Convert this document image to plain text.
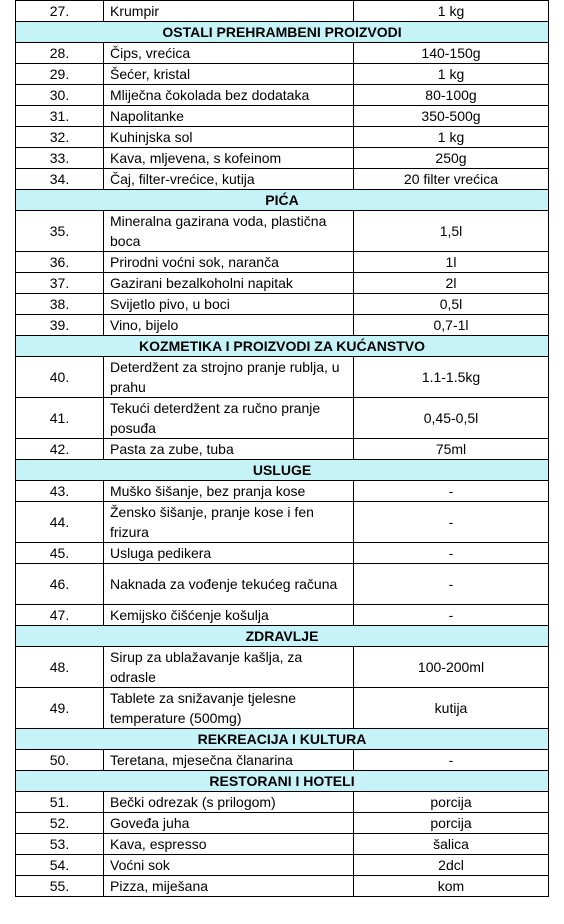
27.	Krumpir	1 kg
OSTALI PREHRAMBENI PROIZVODI		
28.	Čips, vrećica	140-150g
29.	Šećer, kristal	1 kg
30.	Mliječna čokolada bez dodataka	80-100g
31.	Napolitanke	350-500g
32.	Kuhinjska sol	1 kg
33.	Kava, mljevena, s kofeinom	250g
34.	Čaj, filter-vrećice, kutija	20 filter vrećica
PIĆA		
35.	Mineralna gazirana voda, plastična boca	1,5l
36.	Prirodni voćni sok, naranča	1l
37.	Gazirani bezalkoholni napitak	2l
38.	Svijetlo pivo, u boci	0,5l
39.	Vino, bijelo	0,7-1l
KOZMETIKA I PROIZVODI ZA KUĆANSTVO		
40.	Deterdžent za strojno pranje rublja, u prahu	1.1-1.5kg
41.	Tekući deterdžent za ručno pranje posuđa	0,45-0,5l
42.	Pasta za zube, tuba	75ml
USLUGE		
43.	Muško šišanje, bez pranja kose	-
44.	Žensko šišanje, pranje kose i fen frizura	-
45.	Usluga pedikera	-
46.	Naknada za vođenje tekućeg računa	-
47.	Kemijsko čišćenje košulja	-
ZDRAVLJE		
48.	Sirup za ublažavanje kašlja, za odrasle	100-200ml
49.	Tablete za snižavanje tjelesne temperature (500mg)	kutija
REKREACIJA I KULTURA		
50.	Teretana, mjesečna članarina	-
RESTORANI I HOTELI		
51.	Bečki odrezak (s prilogom)	porcija
52.	Goveđa juha	porcija
53.	Kava, espresso	šalica
54.	Voćni sok	2dcl
55.	Pizza, miješana	kom
